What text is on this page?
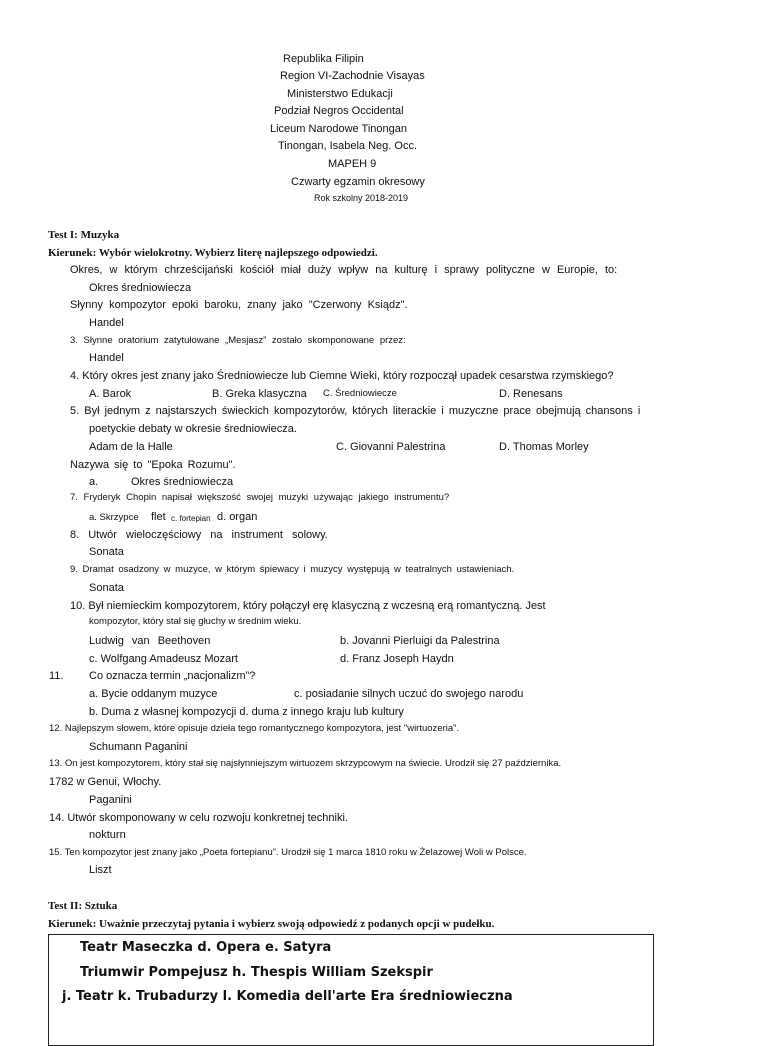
Republika Filipin
Region VI-Zachodnie Visayas
Ministerstwo Edukacji
Podział Negros Occidental
Liceum Narodowe Tinongan
Tinongan, Isabela Neg. Occ.
MAPEH 9
Czwarty egzamin okresowy
Rok szkolny 2018-2019
Test I: Muzyka
Kierunek: Wybór wielokrotny. Wybierz literę najlepszego odpowiedzi.
Okres, w którym chrześcijański kościół miał duży wpływ na kulturę i sprawy polityczne w Europie, to:
Okres średniowiecza
Słynny kompozytor epoki baroku, znany jako "Czerwony Ksiądz".
Handel
3. Słynne oratorium zatytułowane „Mesjasz” zostało skomponowane przez:
Handel
4. Który okres jest znany jako Średniowiecze lub Ciemne Wieki, który rozpoczął upadek cesarstwa rzymskiego?
A. Barok	B. Greka klasyczna C. Średniowiecze	D. Renesans
5. Był jednym z najstarszych świeckich kompozytorów, których literackie i muzyczne prace obejmują chansons i
poetyckie debaty w okresie średniowiecza.
Adam de la Halle	C. Giovanni Palestrina	D. Thomas Morley
Nazywa się to "Epoka Rozumu".
a.	Okres średniowiecza
7. Fryderyk Chopin napisał większość swojej muzyki używając jakiego instrumentu?
a. Skrzypce flet c. fortepian d. organ
8. Utwór wieloczęściowy na instrument solowy.
Sonata
9. Dramat osadzony w muzyce, w którym śpiewacy i muzycy występują w teatralnych ustawieniach.
Sonata
10. Był niemieckim kompozytorem, który połączył erę klasyczną z wczesną erą romantyczną. Jest
kompozytor, który stał się głuchy w średnim wieku.
Ludwig van Beethoven	b. Jovanni Pierluigi da Palestrina
c. Wolfgang Amadeusz Mozart	d. Franz Joseph Haydn
11. Co oznacza termin „nacjonalizm”?
a. Bycie oddanym muzyce	c. posiadanie silnych uczuć do swojego narodu
b. Duma z własnej kompozycji d. duma z innego kraju lub kultury
12. Najlepszym słowem, które opisuje dzieła tego romantycznego kompozytora, jest "wirtuozeria".
Schumann Paganini
13. On jest kompozytorem, który stał się najsłynniejszym wirtuozem skrzypcowym na świecie. Urodził się 27 października.
1782 w Genui, Włochy.
Paganini
14. Utwór skomponowany w celu rozwoju konkretnej techniki.
nokturn
15. Ten kompozytor jest znany jako „Poeta fortepianu”. Urodził się 1 marca 1810 roku w Żelazowej Woli w Polsce.
Liszt
Test II: Sztuka
Kierunek: Uważnie przeczytaj pytania i wybierz swoją odpowiedź z podanych opcji w pudełku.
Teatr Maseczka d. Opera e. Satyra
Triumwir Pompejusz h. Thespis William Szekspir
j. Teatr k. Trubadurzy l. Komedia dell'arte Era średniowieczna
